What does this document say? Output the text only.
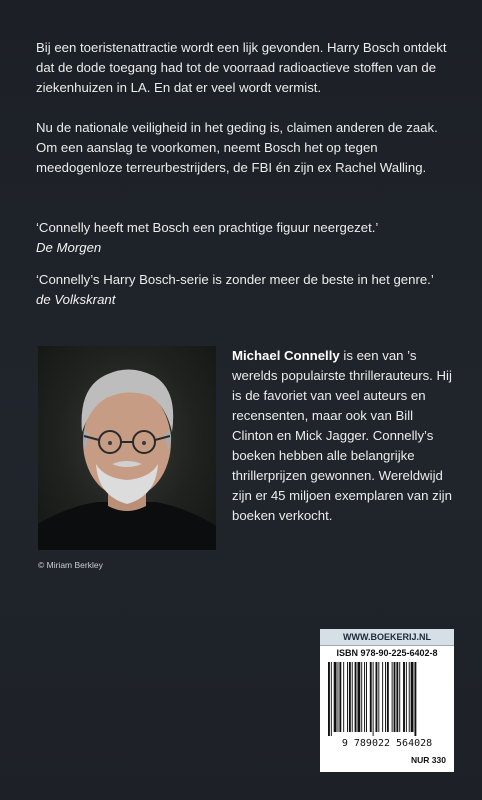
Bij een toeristenattractie wordt een lijk gevonden. Harry Bosch ontdekt dat de dode toegang had tot de voorraad radioactieve stoffen van de ziekenhuizen in LA. En dat er veel wordt vermist.

Nu de nationale veiligheid in het geding is, claimen anderen de zaak. Om een aanslag te voorkomen, neemt Bosch het op tegen meedogenloze terreurbestrijders, de FBI én zijn ex Rachel Walling.

‘Connelly heeft met Bosch een prachtige figuur neergezet.’
De Morgen
‘Connelly’s Harry Bosch-serie is zonder meer de beste in het genre.’
de Volkskrant
© Miriam Berkley
Michael Connelly is een van ’s werelds populairste thrillerauteurs. Hij is de favoriet van veel auteurs en recensenten, maar ook van Bill Clinton en Mick Jagger. Connelly’s boeken hebben alle belangrijke thrillerprijzen gewonnen. Wereldwijd zijn er 45 miljoen exemplaren van zijn boeken verkocht.
WWW.BOEKERIJ.NL
ISBN 978-90-225-6402-8
9 789022 564028
NUR 330
